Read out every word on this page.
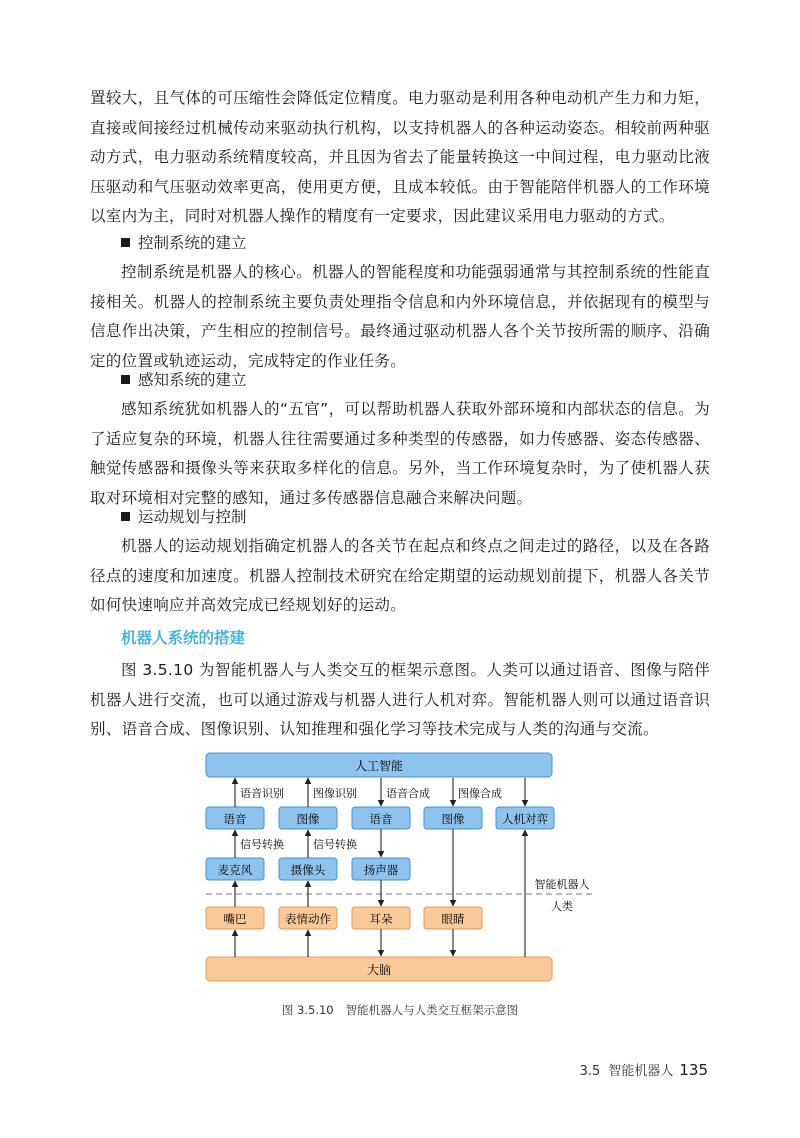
置较大，且气体的可压缩性会降低定位精度。电力驱动是利用各种电动机产生力和力矩，直接或间接经过机械传动来驱动执行机构，以支持机器人的各种运动姿态。相较前两种驱动方式，电力驱动系统精度较高，并且因为省去了能量转换这一中间过程，电力驱动比液压驱动和气压驱动效率更高，使用更方便，且成本较低。由于智能陪伴机器人的工作环境以室内为主，同时对机器人操作的精度有一定要求，因此建议采用电力驱动的方式。

控制系统的建立

控制系统是机器人的核心。机器人的智能程度和功能强弱通常与其控制系统的性能直接相关。机器人的控制系统主要负责处理指令信息和内外环境信息，并依据现有的模型与信息作出决策，产生相应的控制信号。最终通过驱动机器人各个关节按所需的顺序、沿确定的位置或轨迹运动，完成特定的作业任务。

感知系统的建立

感知系统犹如机器人的“五官”，可以帮助机器人获取外部环境和内部状态的信息。为了适应复杂的环境，机器人往往需要通过多种类型的传感器，如力传感器、姿态传感器、触觉传感器和摄像头等来获取多样化的信息。另外，当工作环境复杂时，为了使机器人获取对环境相对完整的感知，通过多传感器信息融合来解决问题。

运动规划与控制

机器人的运动规划指确定机器人的各关节在起点和终点之间走过的路径，以及在各路径点的速度和加速度。机器人控制技术研究在给定期望的运动规划前提下，机器人各关节如何快速响应并高效完成已经规划好的运动。

机器人系统的搭建

图 3.5.10 为智能机器人与人类交互的框架示意图。人类可以通过语音、图像与陪伴机器人进行交流，也可以通过游戏与机器人进行人机对弈。智能机器人则可以通过语音识别、语音合成、图像识别、认知推理和强化学习等技术完成与人类的沟通与交流。

人工智能
语音	图像	语音	图像	人机对弈
麦克风	摄像头	扬声器
智能机器人
人类
嘴巴	表情动作	耳朵	眼睛
大脑
语音识别	图像识别	语音合成	图像合成
信号转换	信号转换
图 3.5.10 智能机器人与人类交互框架示意图
3.5 智能机器人 135
